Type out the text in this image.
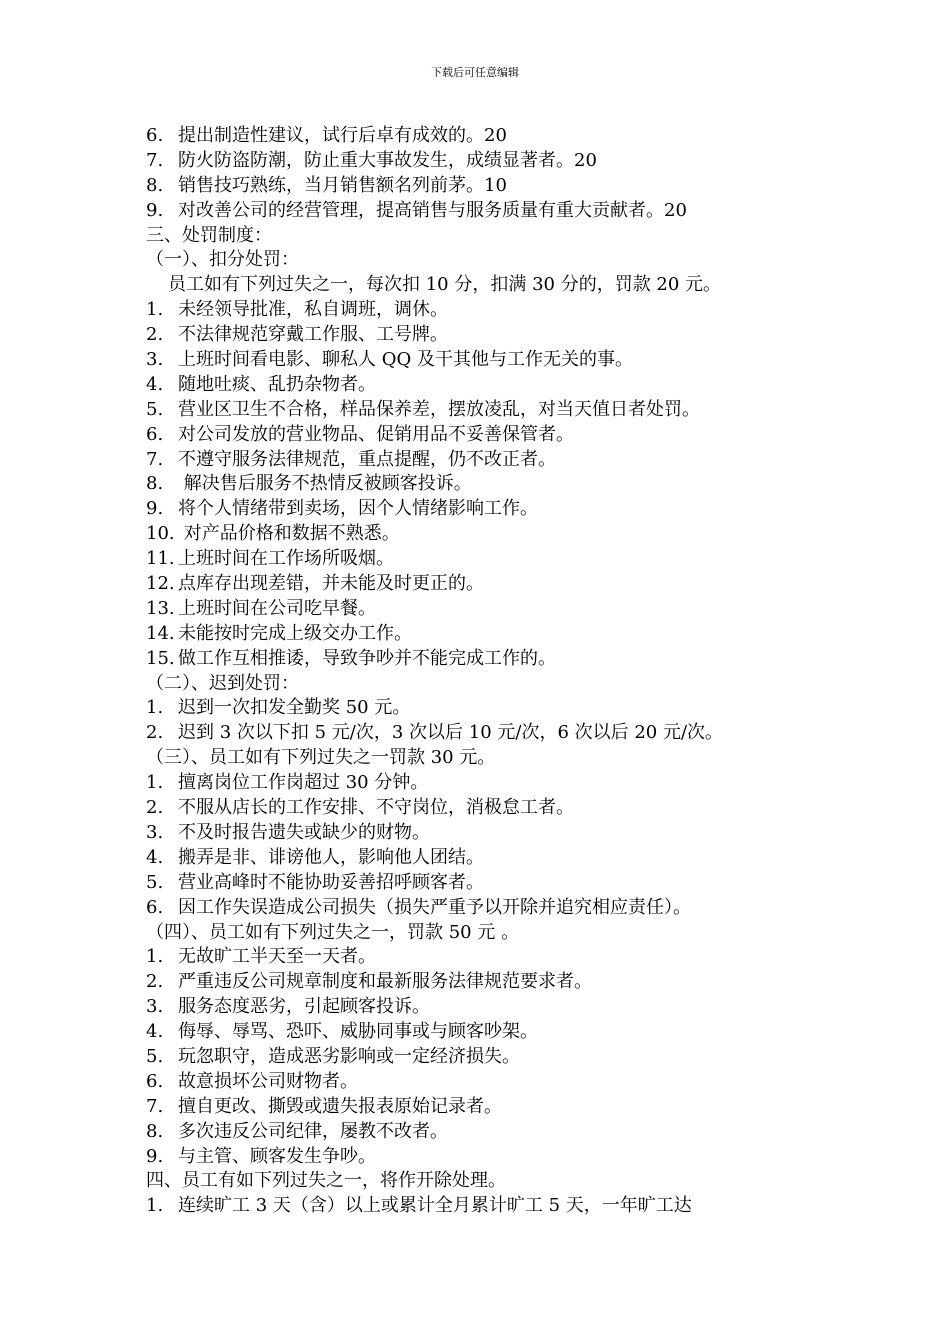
下载后可任意编辑
6. 提出制造性建议，试行后卓有成效的。20
7. 防火防盗防潮，防止重大事故发生，成绩显著者。20
8. 销售技巧熟练，当月销售额名列前茅。10
9. 对改善公司的经营管理，提高销售与服务质量有重大贡献者。20
三、处罚制度：
（一）、扣分处罚：
员工如有下列过失之一，每次扣 10 分，扣满 30 分的，罚款 20 元。
1. 未经领导批准，私自调班，调休。
2. 不法律规范穿戴工作服、工号牌。
3. 上班时间看电影、聊私人 QQ 及干其他与工作无关的事。
4. 随地吐痰、乱扔杂物者。
5. 营业区卫生不合格，样品保养差，摆放凌乱，对当天值日者处罚。
6. 对公司发放的营业物品、促销用品不妥善保管者。
7. 不遵守服务法律规范，重点提醒，仍不改正者。
8. 解决售后服务不热情反被顾客投诉。
9. 将个人情绪带到卖场，因个人情绪影响工作。
10. 对产品价格和数据不熟悉。
11. 上班时间在工作场所吸烟。
12. 点库存出现差错，并未能及时更正的。
13. 上班时间在公司吃早餐。
14. 未能按时完成上级交办工作。
15. 做工作互相推诿，导致争吵并不能完成工作的。
（二）、迟到处罚：
1. 迟到一次扣发全勤奖 50 元。
2. 迟到 3 次以下扣 5 元/次，3 次以后 10 元/次，6 次以后 20 元/次。
（三）、员工如有下列过失之一罚款 30 元。
1. 擅离岗位工作岗超过 30 分钟。
2. 不服从店长的工作安排、不守岗位，消极怠工者。
3. 不及时报告遗失或缺少的财物。
4. 搬弄是非、诽谤他人，影响他人团结。
5. 营业高峰时不能协助妥善招呼顾客者。
6. 因工作失误造成公司损失（损失严重予以开除并追究相应责任）。
（四）、员工如有下列过失之一，罚款 50 元 。
1. 无故旷工半天至一天者。
2. 严重违反公司规章制度和最新服务法律规范要求者。
3. 服务态度恶劣，引起顾客投诉。
4. 侮辱、辱骂、恐吓、威胁同事或与顾客吵架。
5. 玩忽职守，造成恶劣影响或一定经济损失。
6. 故意损坏公司财物者。
7. 擅自更改、撕毁或遗失报表原始记录者。
8. 多次违反公司纪律，屡教不改者。
9. 与主管、顾客发生争吵。
四、员工有如下列过失之一，将作开除处理。
1. 连续旷工 3 天（含）以上或累计全月累计旷工 5 天，一年旷工达
